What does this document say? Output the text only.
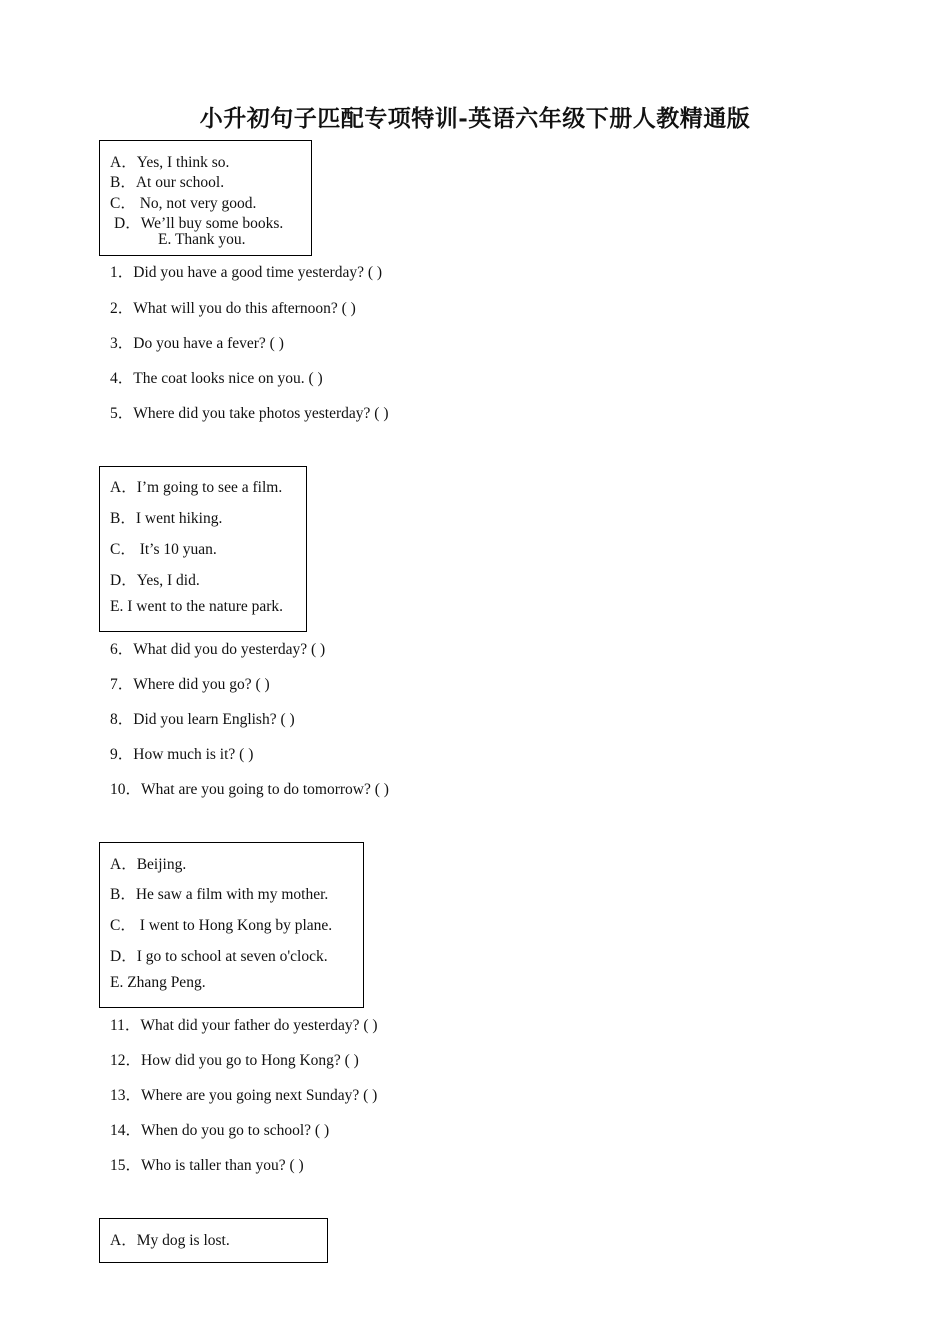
小升初句子匹配专项特训-英语六年级下册人教精通版
A．Yes, I think so.
B．At our school.
C． No, not very good.
D．We’ll buy some books.
E. Thank you.
1．Did you have a good time yesterday? ( )
2．What will you do this afternoon? ( )
3．Do you have a fever? ( )
4．The coat looks nice on you. ( )
5．Where did you take photos yesterday? ( )
A．I’m going to see a film.
B．I went hiking.
C． It’s 10 yuan.
D．Yes, I did.
E. I went to the nature park.
6．What did you do yesterday? ( )
7．Where did you go? ( )
8．Did you learn English? ( )
9．How much is it? ( )
10．What are you going to do tomorrow? ( )
A．Beijing.
B．He saw a film with my mother.
C． I went to Hong Kong by plane.
D．I go to school at seven o'clock.
E. Zhang Peng.
11．What did your father do yesterday? ( )
12．How did you go to Hong Kong? ( )
13．Where are you going next Sunday? ( )
14．When do you go to school? ( )
15．Who is taller than you? ( )
A．My dog is lost.
